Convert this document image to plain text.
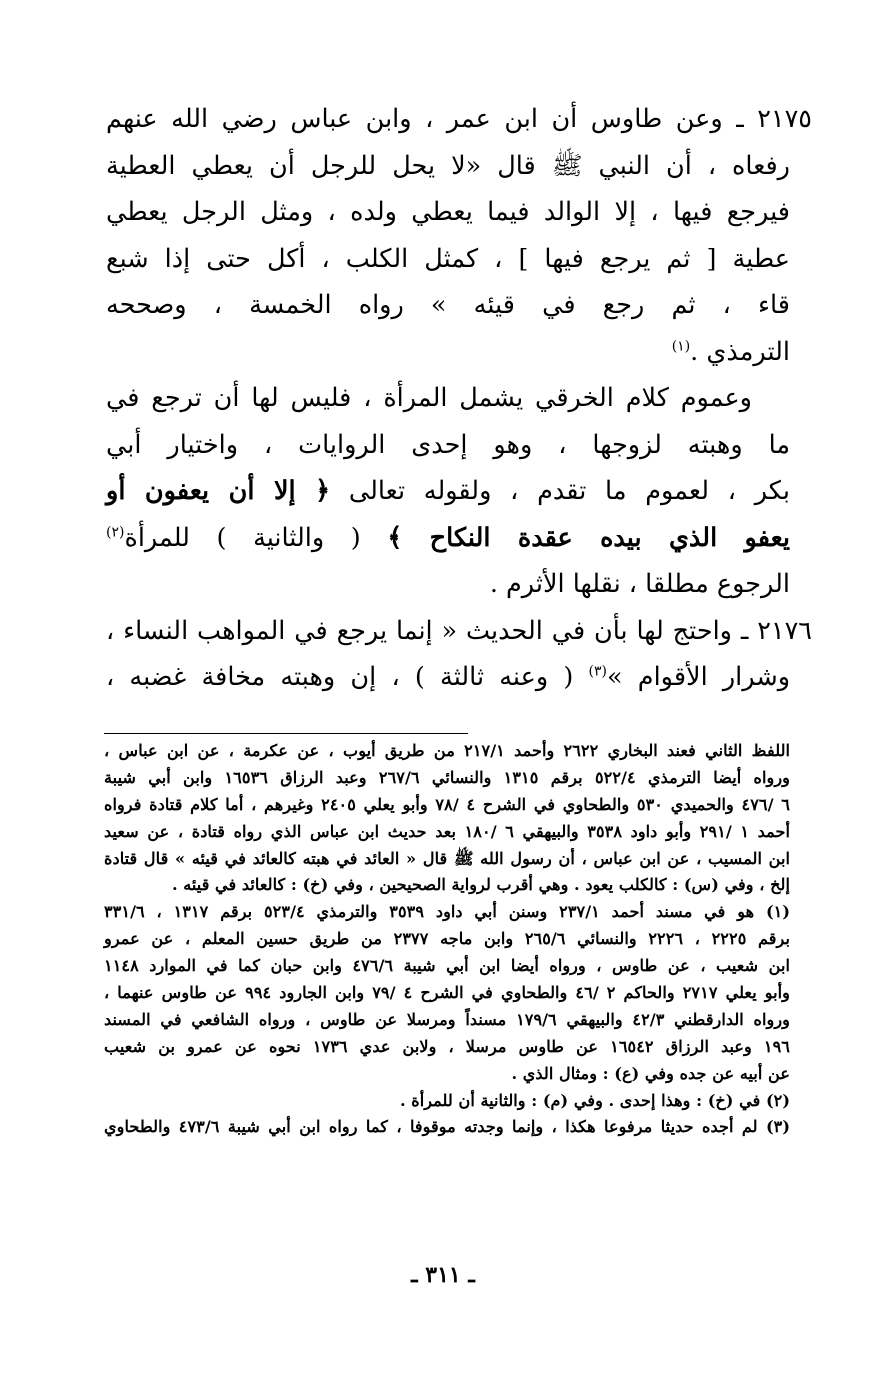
٢١٧٥ ـ وعن طاوس أن ابن عمر ، وابن عباس رضي الله عنهم
رفعاه ، أن النبي ﷺ قال «لا يحل للرجل أن يعطي العطية
فيرجع فيها ، إلا الوالد فيما يعطي ولده ، ومثل الرجل يعطي
عطية [ ثم يرجع فيها ] ، كمثل الكلب ، أكل حتى إذا شبع
قاء ، ثم رجع في قيئه » رواه الخمسة ، وصححه
الترمذي .$^{(١)}$
وعموم كلام الخرقي يشمل المرأة ، فليس لها أن ترجع في
ما وهبته لزوجها ، وهو إحدى الروايات ، واختيار أبي
بكر ، لعموم ما تقدم ، ولقوله تعالى ﴿ إلا أن يعفون أو
يعفو الذي بيده عقدة النكاح ﴾ ( والثانية ) للمرأة$^{(٢)}$
الرجوع مطلقا ، نقلها الأثرم .
٢١٧٦ ـ واحتج لها بأن في الحديث « إنما يرجع في المواهب النساء ،
وشرار الأقوام »$^{(٣)}$ ( وعنه ثالثة ) ، إن وهبته مخافة غضبه ،
اللفظ الثاني فعند البخاري ٢٦٢٢ وأحمد ٢١٧/١ من طريق أيوب ، عن عكرمة ، عن ابن عباس ،
ورواه أيضا الترمذي ٥٢٢/٤ برقم ١٣١٥ والنسائي ٢٦٧/٦ وعبد الرزاق ١٦٥٣٦ وابن أبي شيبة
٦ /٤٧٦ والحميدي ٥٣٠ والطحاوي في الشرح ٤ /٧٨ وأبو يعلي ٢٤٠٥ وغيرهم ، أما كلام قتادة فرواه
أحمد ١ /٢٩١ وأبو داود ٣٥٣٨ والبيهقي ٦ /١٨٠ بعد حديث ابن عباس الذي رواه قتادة ، عن سعيد
ابن المسيب ، عن ابن عباس ، أن رسول الله ﷺ قال « العائد في هبته كالعائد في قيئه » قال قتادة
إلخ ، وفي (س) : كالكلب يعود . وهي أقرب لرواية الصحيحين ، وفي (خ) : كالعائد في قيئه .
(١) هو في مسند أحمد ٢٣٧/١ وسنن أبي داود ٣٥٣٩ والترمذي ٥٢٣/٤ برقم ١٣١٧ ، ٣٣١/٦
برقم ٢٢٢٥ ، ٢٢٢٦ والنسائي ٢٦٥/٦ وابن ماجه ٢٣٧٧ من طريق حسين المعلم ، عن عمرو
ابن شعيب ، عن طاوس ، ورواه أيضا ابن أبي شيبة ٤٧٦/٦ وابن حبان كما في الموارد ١١٤٨
وأبو يعلي ٢٧١٧ والحاكم ٢ /٤٦ والطحاوي في الشرح ٤ /٧٩ وابن الجارود ٩٩٤ عن طاوس عنهما ،
ورواه الدارقطني ٤٢/٣ والبيهقي ١٧٩/٦ مسنداً ومرسلا عن طاوس ، ورواه الشافعي في المسند
١٩٦ وعبد الرزاق ١٦٥٤٢ عن طاوس مرسلا ، ولابن عدي ١٧٣٦ نحوه عن عمرو بن شعيب
عن أبيه عن جده وفي (ع) : ومثال الذي .
(٢) في (خ) : وهذا إحدى . وفي (م) : والثانية أن للمرأة .
(٣) لم أجده حديثا مرفوعا هكذا ، وإنما وجدته موقوفا ، كما رواه ابن أبي شيبة ٤٧٣/٦ والطحاوي
ـ ٣١١ ـ
